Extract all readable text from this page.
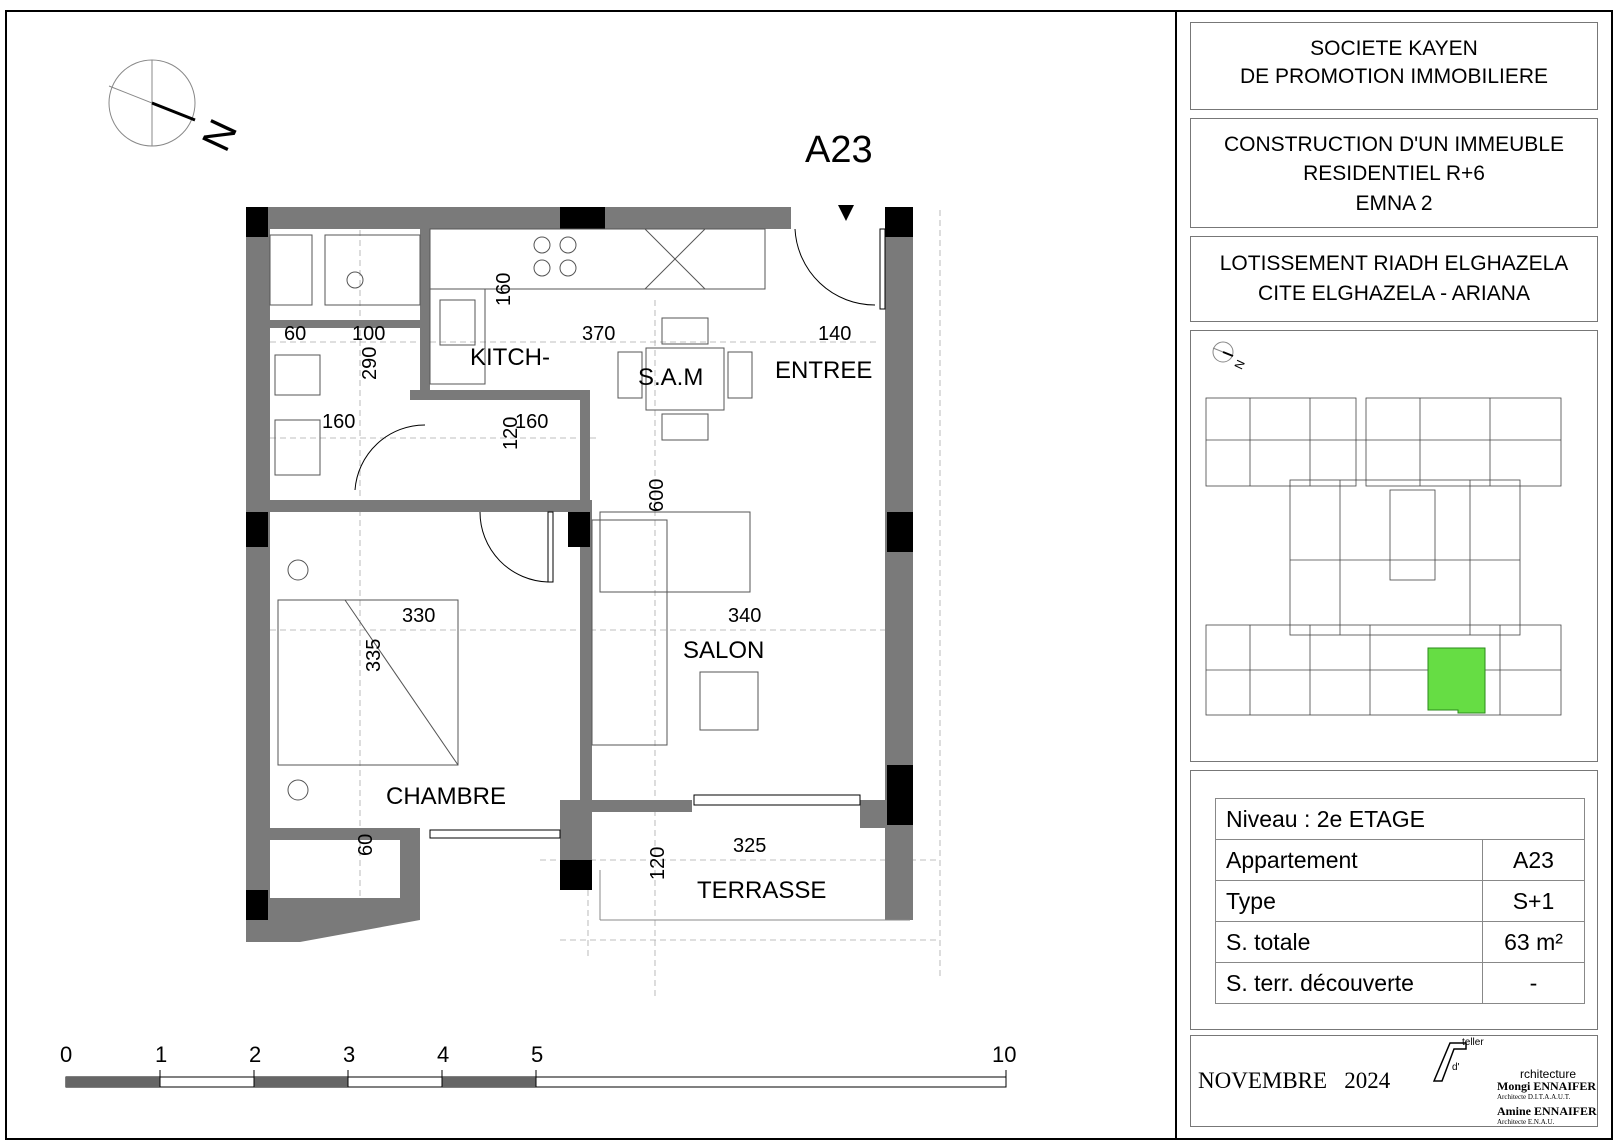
N	A23
KITCH-
S.A.M	ENTREE
SALON
CHAMBRE
TERRASSE
60 100	370	140
160
290
160	120
160
600
330	340
335
60	325
120
0	1	2	3	4	5	10
SOCIETE KAYEN
DE PROMOTION IMMOBILIERE
CONSTRUCTION D'UN IMMEUBLE
RESIDENTIEL R+6
EMNA 2
LOTISSEMENT RIADH ELGHAZELA
CITE ELGHAZELA - ARIANA
N
Niveau : 2e ETAGE	
Appartement	A23
Type	S+1
S. totale	63 m²
S. terr. découverte	-
NOVEMBRE   2024
teller
rchitecture
d'
Mongi ENNAIFER
Architecte D.I.T.A.A.U.T.
Amine ENNAIFER
Architecte E.N.A.U.
